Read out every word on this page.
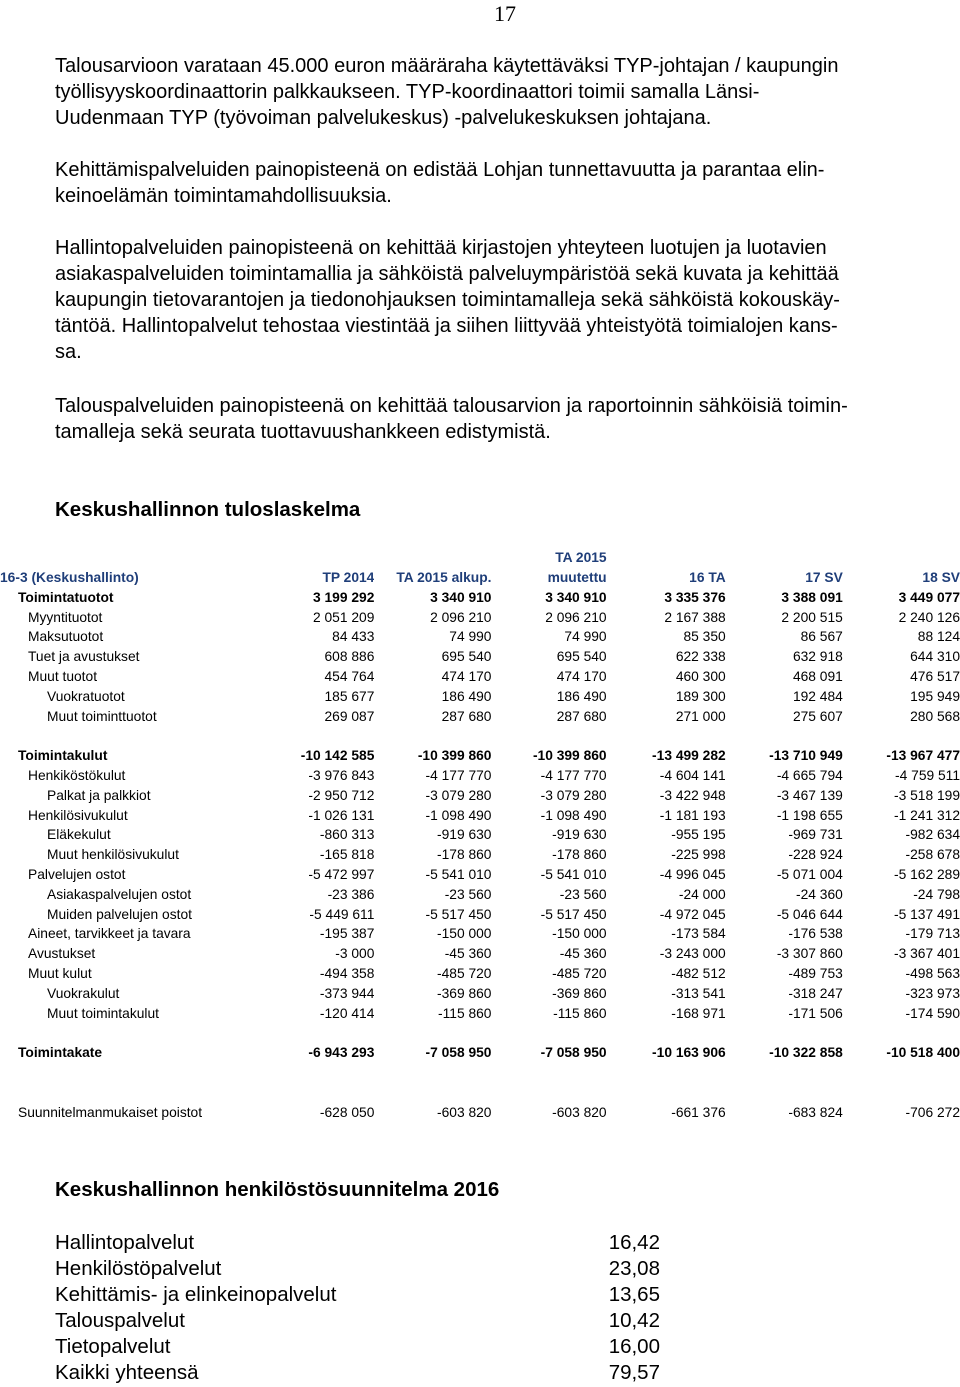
17

Talousarvioon varataan 45.000 euron määräraha käytettäväksi TYP-johtajan / kaupungin
työllisyyskoordinaattorin palkkaukseen. TYP-koordinaattori toimii samalla Länsi-
Uudenmaan TYP (työvoiman palvelukeskus) -palvelukeskuksen johtajana.

Kehittämispalveluiden painopisteenä on edistää Lohjan tunnettavuutta ja parantaa elin-
keinoelämän toimintamahdollisuuksia.

Hallintopalveluiden painopisteenä on kehittää kirjastojen yhteyteen luotujen ja luotavien
asiakaspalveluiden toimintamallia ja sähköistä palveluympäristöä sekä kuvata ja kehittää
kaupungin tietovarantojen ja tiedonohjauksen toimintamalleja sekä sähköistä kokouskäy-
täntöä. Hallintopalvelut tehostaa viestintää ja siihen liittyvää yhteistyötä toimialojen kans-
sa.

Talouspalveluiden painopisteenä on kehittää talousarvion ja raportoinnin sähköisiä toimin-
tamalleja sekä seurata tuottavuushankkeen edistymistä.

Keskushallinnon tuloslaskelma
			TA 2015			
16-3 (Keskushallinto)	TP 2014	TA 2015 alkup.	muutettu	16 TA	17 SV	18 SV
Toimintatuotot	3 199 292	3 340 910	3 340 910	3 335 376	3 388 091	3 449 077
Myyntituotot	2 051 209	2 096 210	2 096 210	2 167 388	2 200 515	2 240 126
Maksutuotot	84 433	74 990	74 990	85 350	86 567	88 124
Tuet ja avustukset	608 886	695 540	695 540	622 338	632 918	644 310
Muut tuotot	454 764	474 170	474 170	460 300	468 091	476 517
Vuokratuotot	185 677	186 490	186 490	189 300	192 484	195 949
Muut toiminttuotot	269 087	287 680	287 680	271 000	275 607	280 568

Toimintakulut	-10 142 585	-10 399 860	-10 399 860	-13 499 282	-13 710 949	-13 967 477
Henkiköstökulut	-3 976 843	-4 177 770	-4 177 770	-4 604 141	-4 665 794	-4 759 511
Palkat ja palkkiot	-2 950 712	-3 079 280	-3 079 280	-3 422 948	-3 467 139	-3 518 199
Henkilösivukulut	-1 026 131	-1 098 490	-1 098 490	-1 181 193	-1 198 655	-1 241 312
Eläkekulut	-860 313	-919 630	-919 630	-955 195	-969 731	-982 634
Muut henkilösivukulut	-165 818	-178 860	-178 860	-225 998	-228 924	-258 678
Palvelujen ostot	-5 472 997	-5 541 010	-5 541 010	-4 996 045	-5 071 004	-5 162 289
Asiakaspalvelujen ostot	-23 386	-23 560	-23 560	-24 000	-24 360	-24 798
Muiden palvelujen ostot	-5 449 611	-5 517 450	-5 517 450	-4 972 045	-5 046 644	-5 137 491
Aineet, tarvikkeet ja tavara	-195 387	-150 000	-150 000	-173 584	-176 538	-179 713
Avustukset	-3 000	-45 360	-45 360	-3 243 000	-3 307 860	-3 367 401
Muut kulut	-494 358	-485 720	-485 720	-482 512	-489 753	-498 563
Vuokrakulut	-373 944	-369 860	-369 860	-313 541	-318 247	-323 973
Muut toimintakulut	-120 414	-115 860	-115 860	-168 971	-171 506	-174 590

Toimintakate	-6 943 293	-7 058 950	-7 058 950	-10 163 906	-10 322 858	-10 518 400

Suunnitelmanmukaiset poistot	-628 050	-603 820	-603 820	-661 376	-683 824	-706 272
Keskushallinnon henkilöstösuunnitelma 2016
Hallintopalvelut	16,42
Henkilöstöpalvelut	23,08
Kehittämis- ja elinkeinopalvelut	13,65
Talouspalvelut	10,42
Tietopalvelut	16,00
Kaikki yhteensä	79,57
